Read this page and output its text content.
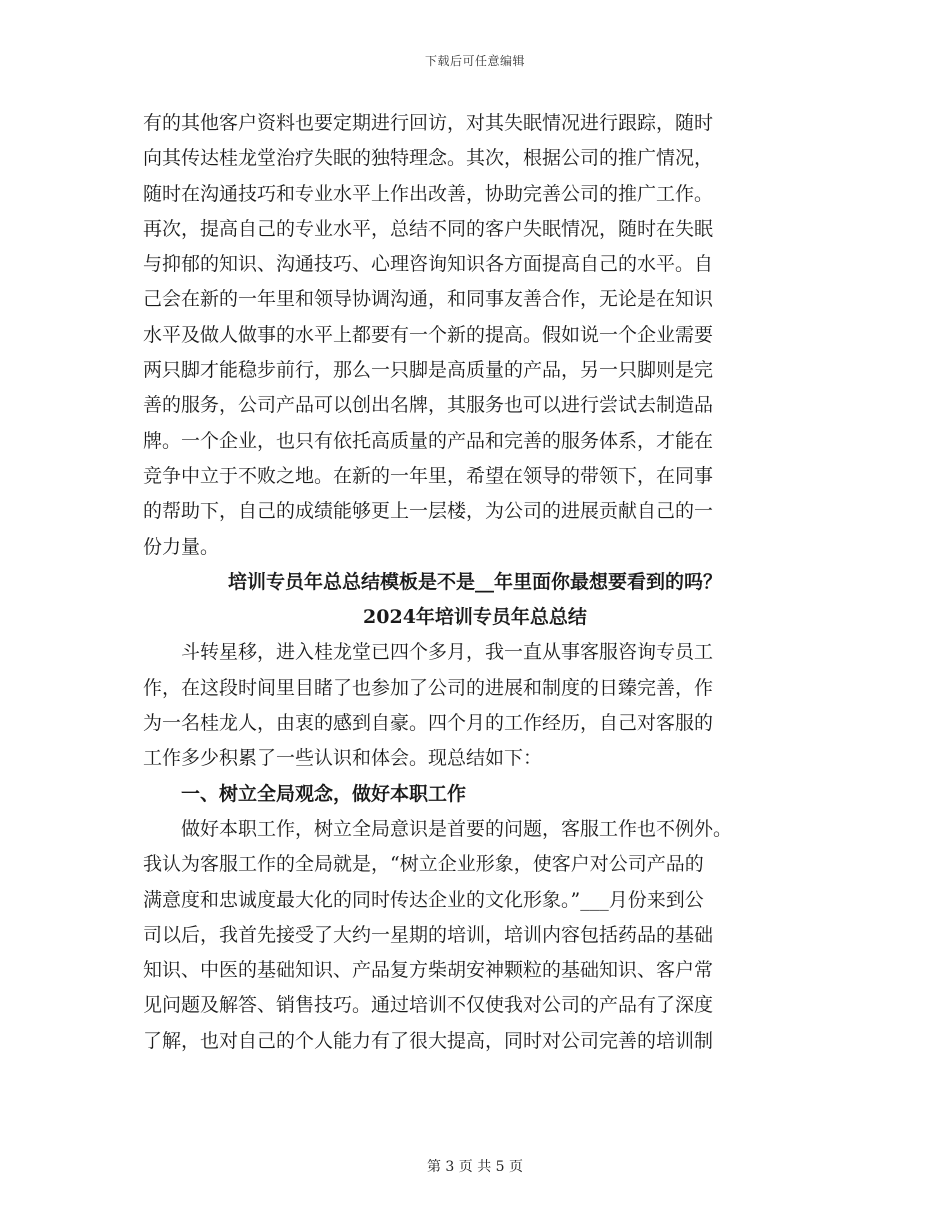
下载后可任意编辑
有的其他客户资料也要定期进行回访，对其失眠情况进行跟踪，随时
向其传达桂龙堂治疗失眠的独特理念。其次，根据公司的推广情况，
随时在沟通技巧和专业水平上作出改善，协助完善公司的推广工作。
再次，提高自己的专业水平，总结不同的客户失眠情况，随时在失眠
与抑郁的知识、沟通技巧、心理咨询知识各方面提高自己的水平。自
己会在新的一年里和领导协调沟通，和同事友善合作，无论是在知识
水平及做人做事的水平上都要有一个新的提高。假如说一个企业需要
两只脚才能稳步前行，那么一只脚是高质量的产品，另一只脚则是完
善的服务，公司产品可以创出名牌，其服务也可以进行尝试去制造品
牌。一个企业，也只有依托高质量的产品和完善的服务体系，才能在
竞争中立于不败之地。在新的一年里，希望在领导的带领下，在同事
的帮助下，自己的成绩能够更上一层楼，为公司的进展贡献自己的一
份力量。
培训专员年总总结模板是不是__年里面你最想要看到的吗？
2024年培训专员年总总结
斗转星移，进入桂龙堂已四个多月，我一直从事客服咨询专员工
作，在这段时间里目睹了也参加了公司的进展和制度的日臻完善，作
为一名桂龙人，由衷的感到自豪。四个月的工作经历，自己对客服的
工作多少积累了一些认识和体会。现总结如下：
一、树立全局观念，做好本职工作
做好本职工作，树立全局意识是首要的问题，客服工作也不例外。
我认为客服工作的全局就是，“树立企业形象，使客户对公司产品的
满意度和忠诚度最大化的同时传达企业的文化形象。”___月份来到公
司以后，我首先接受了大约一星期的培训，培训内容包括药品的基础
知识、中医的基础知识、产品复方柴胡安神颗粒的基础知识、客户常
见问题及解答、销售技巧。通过培训不仅使我对公司的产品有了深度
了解，也对自己的个人能力有了很大提高，同时对公司完善的培训制
第 3 页 共 5 页
